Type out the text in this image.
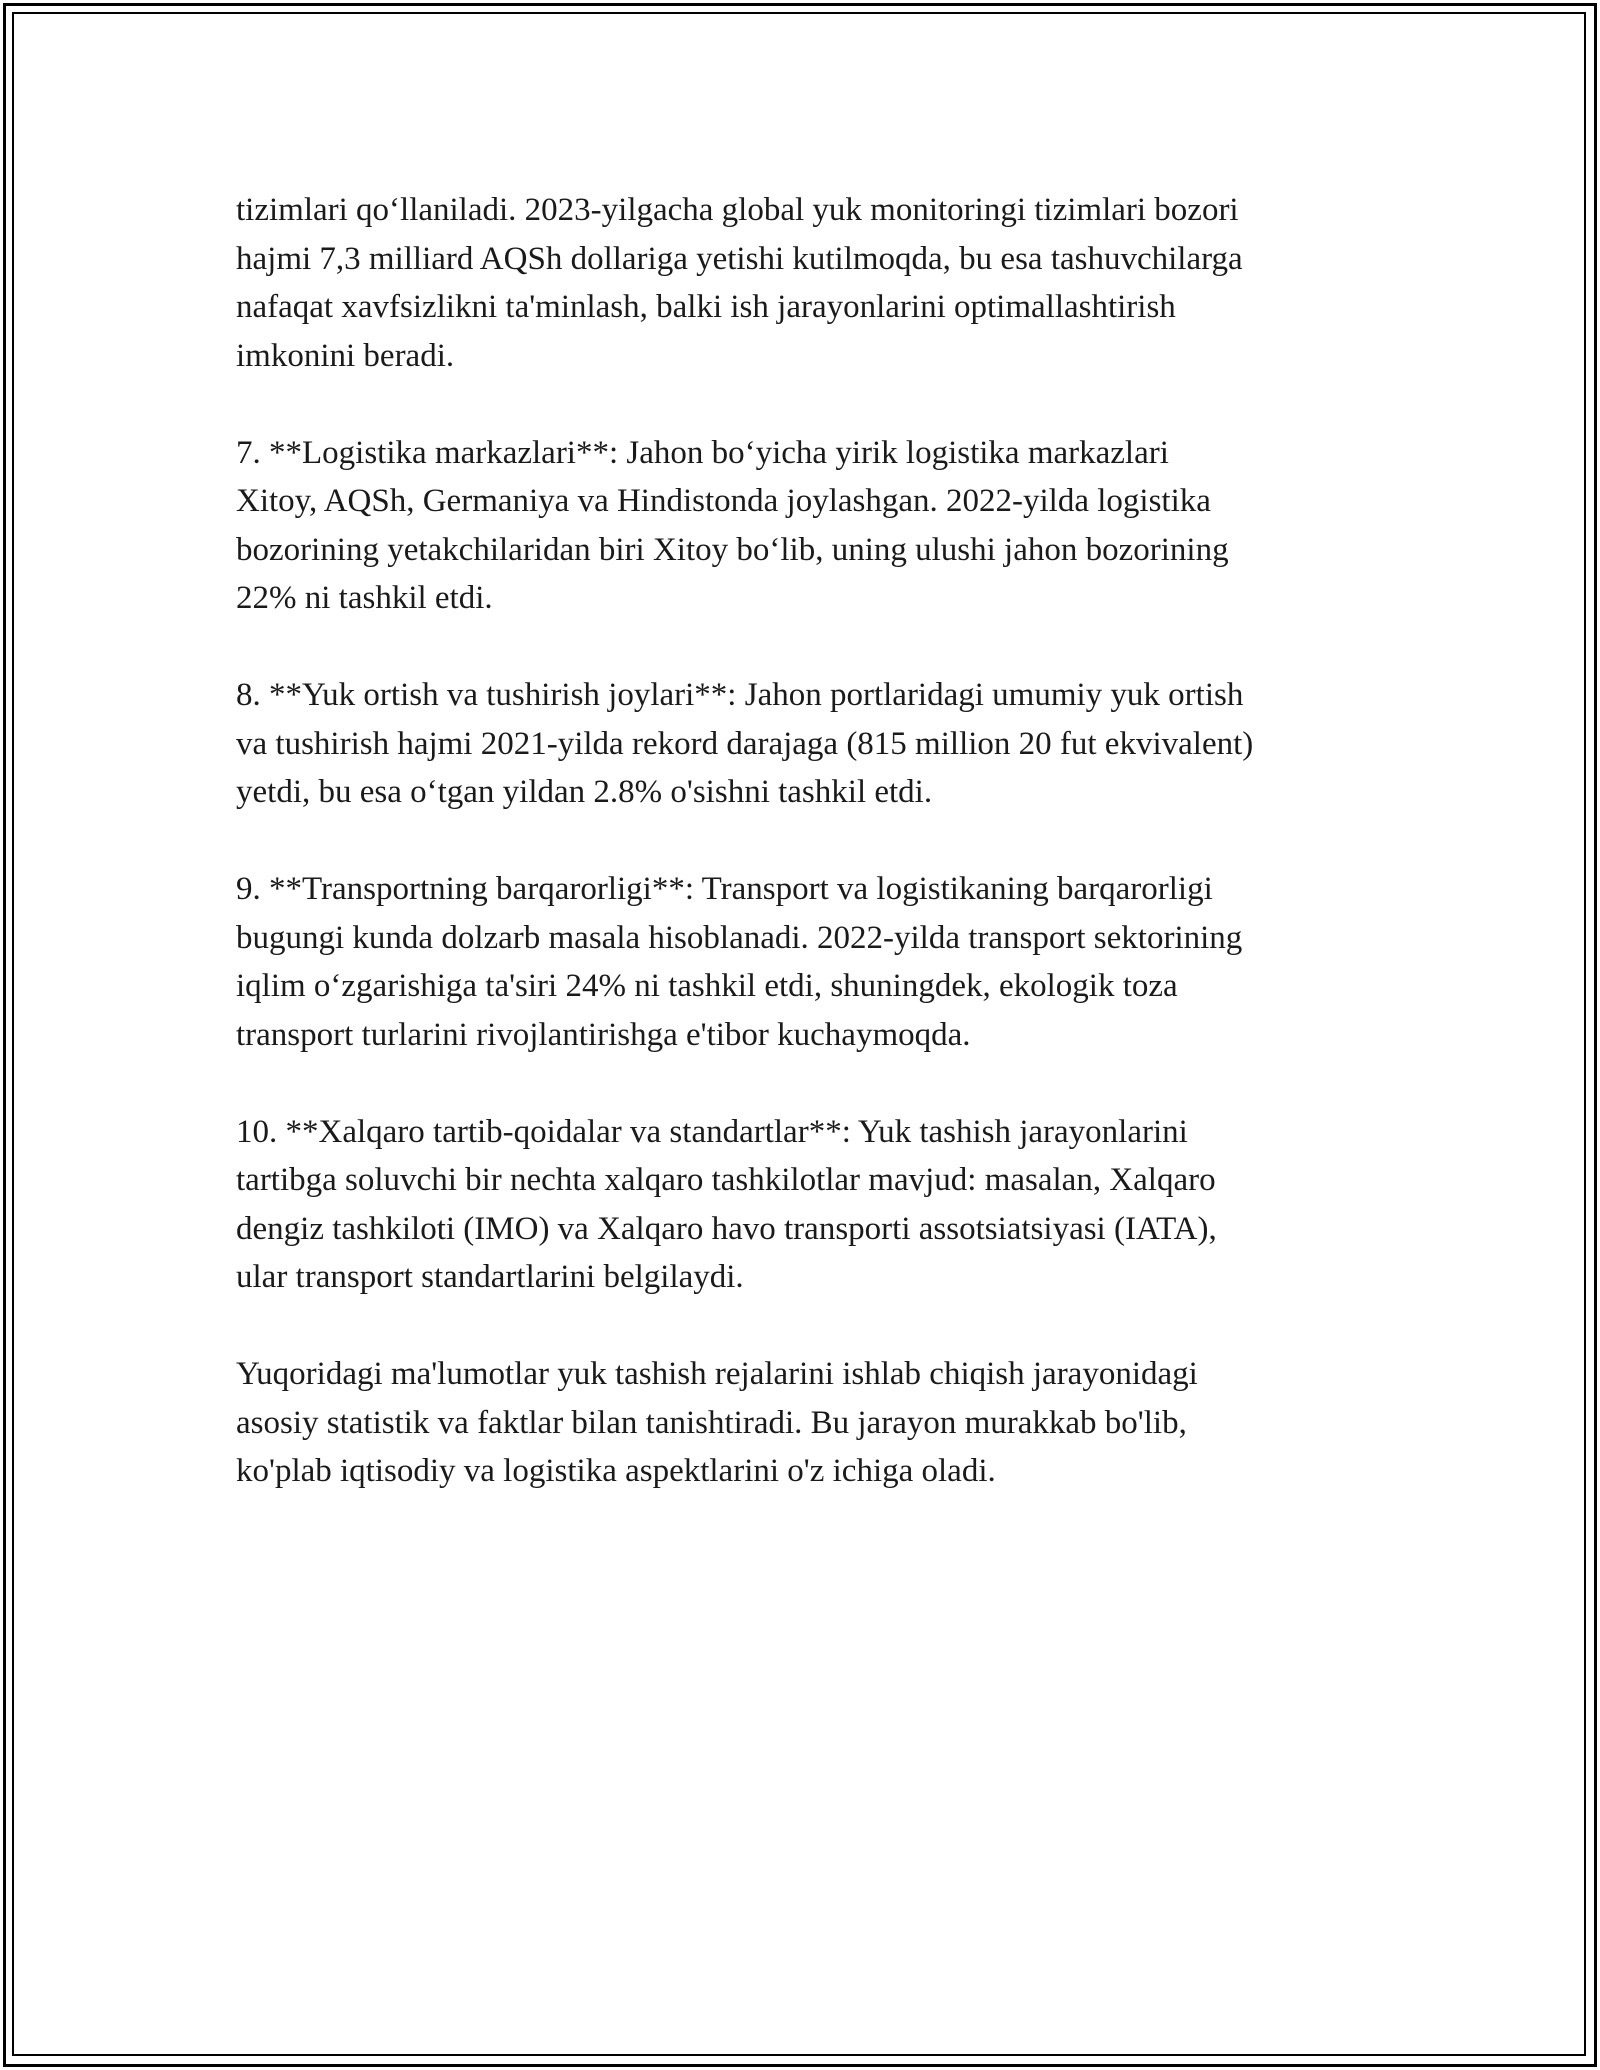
tizimlari qo‘llaniladi. 2023-yilgacha global yuk monitoringi tizimlari bozori
hajmi 7,3 milliard AQSh dollariga yetishi kutilmoqda, bu esa tashuvchilarga
nafaqat xavfsizlikni ta'minlash, balki ish jarayonlarini optimallashtirish
imkonini beradi.

7. **Logistika markazlari**: Jahon bo‘yicha yirik logistika markazlari
Xitoy, AQSh, Germaniya va Hindistonda joylashgan. 2022-yilda logistika
bozorining yetakchilaridan biri Xitoy bo‘lib, uning ulushi jahon bozorining
22% ni tashkil etdi.

8. **Yuk ortish va tushirish joylari**: Jahon portlaridagi umumiy yuk ortish
va tushirish hajmi 2021-yilda rekord darajaga (815 million 20 fut ekvivalent)
yetdi, bu esa o‘tgan yildan 2.8% o'sishni tashkil etdi.

9. **Transportning barqarorligi**: Transport va logistikaning barqarorligi
bugungi kunda dolzarb masala hisoblanadi. 2022-yilda transport sektorining
iqlim o‘zgarishiga ta'siri 24% ni tashkil etdi, shuningdek, ekologik toza
transport turlarini rivojlantirishga e'tibor kuchaymoqda.

10. **Xalqaro tartib-qoidalar va standartlar**: Yuk tashish jarayonlarini
tartibga soluvchi bir nechta xalqaro tashkilotlar mavjud: masalan, Xalqaro
dengiz tashkiloti (IMO) va Xalqaro havo transporti assotsiatsiyasi (IATA),
ular transport standartlarini belgilaydi.

Yuqoridagi ma'lumotlar yuk tashish rejalarini ishlab chiqish jarayonidagi
asosiy statistik va faktlar bilan tanishtiradi. Bu jarayon murakkab bo'lib,
ko'plab iqtisodiy va logistika aspektlarini o'z ichiga oladi.
